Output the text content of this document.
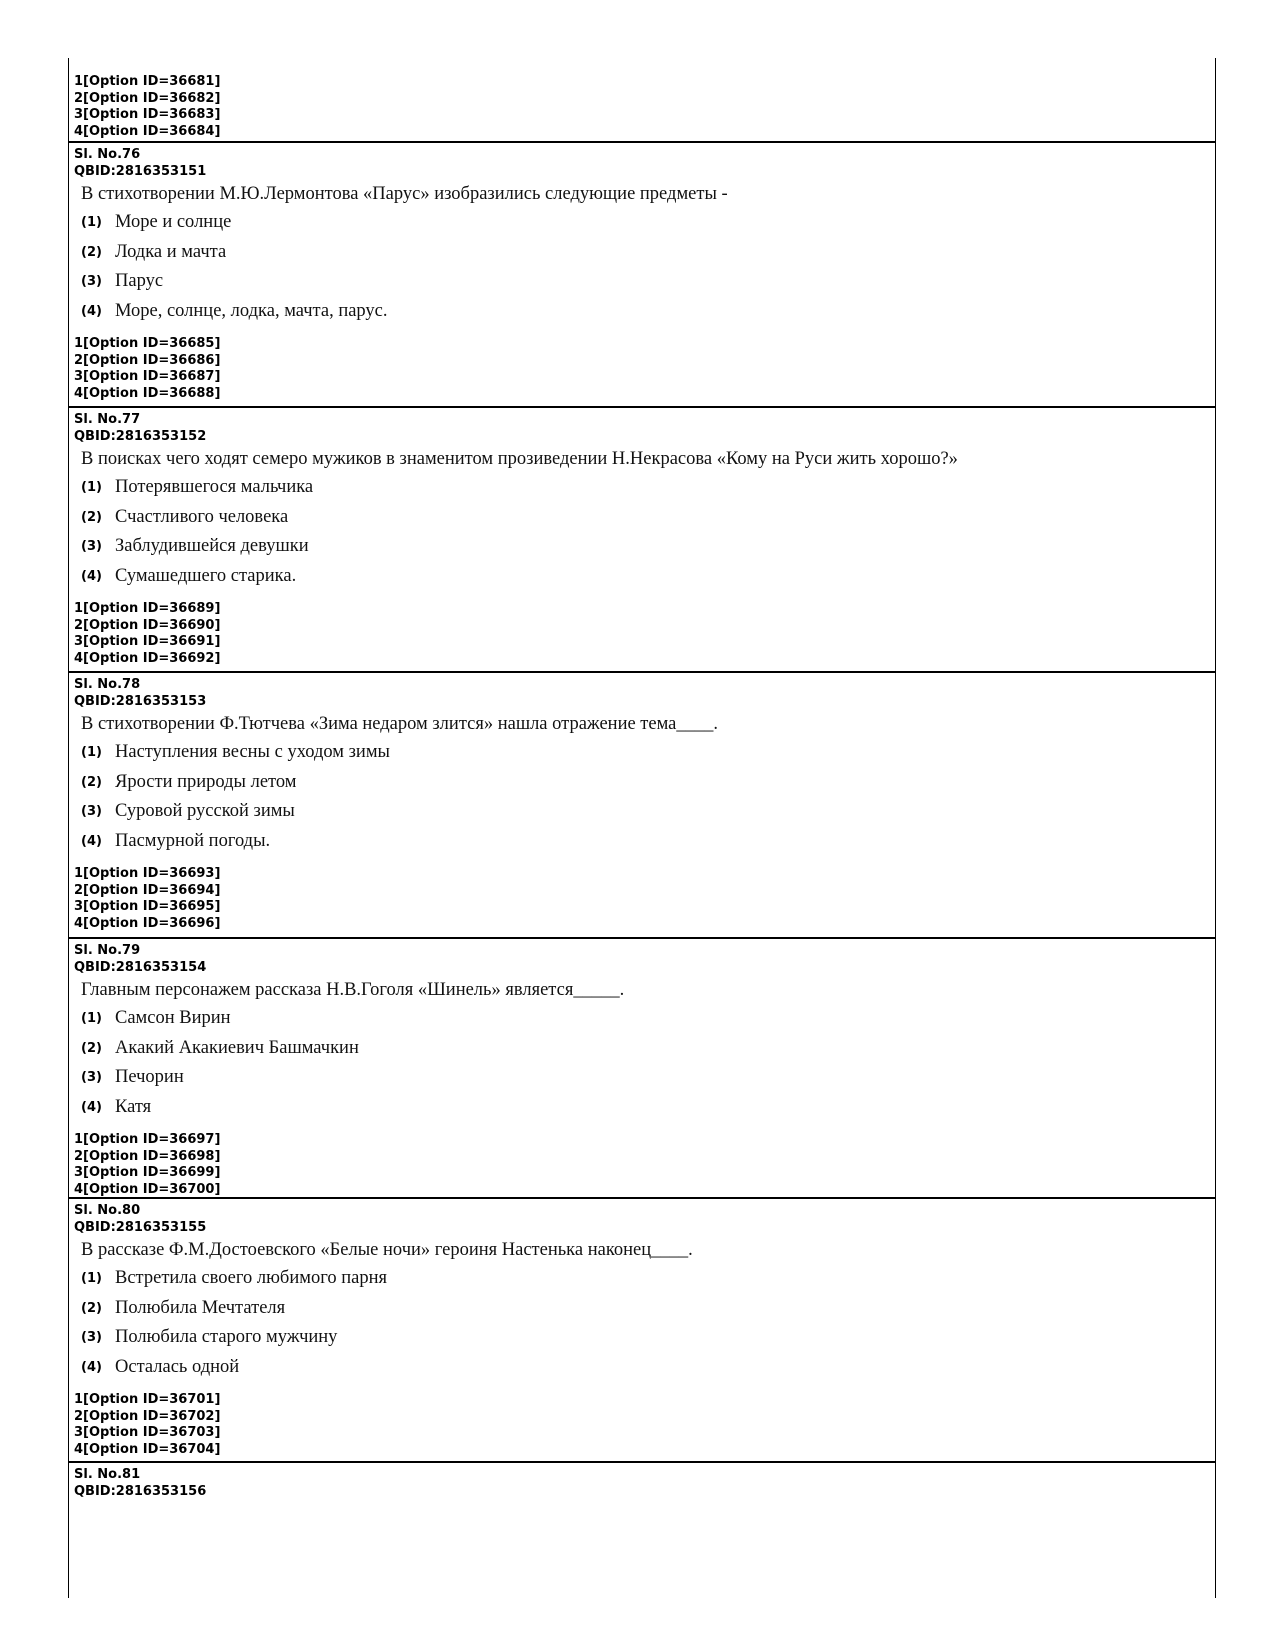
1[Option ID=36681]
2[Option ID=36682]
3[Option ID=36683]
4[Option ID=36684]
Sl. No.76
QBID:2816353151
В стихотворении М.Ю.Лермонтова «Парус» изобразились следующие предметы -
(1) Море и солнце
(2) Лодка и мачта
(3) Парус
(4) Море, солнце, лодка, мачта, парус.
1[Option ID=36685]
2[Option ID=36686]
3[Option ID=36687]
4[Option ID=36688]
Sl. No.77
QBID:2816353152
В поисках чего ходят семеро мужиков в знаменитом прозиведении Н.Некрасова «Кому на Руси жить хорошо?»
(1) Потерявшегося мальчика
(2) Счастливого человека
(3) Заблудившейся девушки
(4) Сумашедшего старика.
1[Option ID=36689]
2[Option ID=36690]
3[Option ID=36691]
4[Option ID=36692]
Sl. No.78
QBID:2816353153
В стихотворении Ф.Тютчева «Зима недаром злится» нашла отражение тема____.
(1) Наступления весны с уходом зимы
(2) Ярости природы летом
(3) Суровой русской зимы
(4) Пасмурной погоды.
1[Option ID=36693]
2[Option ID=36694]
3[Option ID=36695]
4[Option ID=36696]
Sl. No.79
QBID:2816353154
Главным персонажем рассказа Н.В.Гоголя «Шинель» является_____.
(1) Самсон Вирин
(2) Акакий Акакиевич Башмачкин
(3) Печорин
(4) Катя
1[Option ID=36697]
2[Option ID=36698]
3[Option ID=36699]
4[Option ID=36700]
Sl. No.80
QBID:2816353155
В рассказе Ф.М.Достоевского «Белые ночи» героиня Настенька наконец____.
(1) Встретила своего любимого парня
(2) Полюбила Мечтателя
(3) Полюбила старого мужчину
(4) Осталась одной
1[Option ID=36701]
2[Option ID=36702]
3[Option ID=36703]
4[Option ID=36704]
Sl. No.81
QBID:2816353156
